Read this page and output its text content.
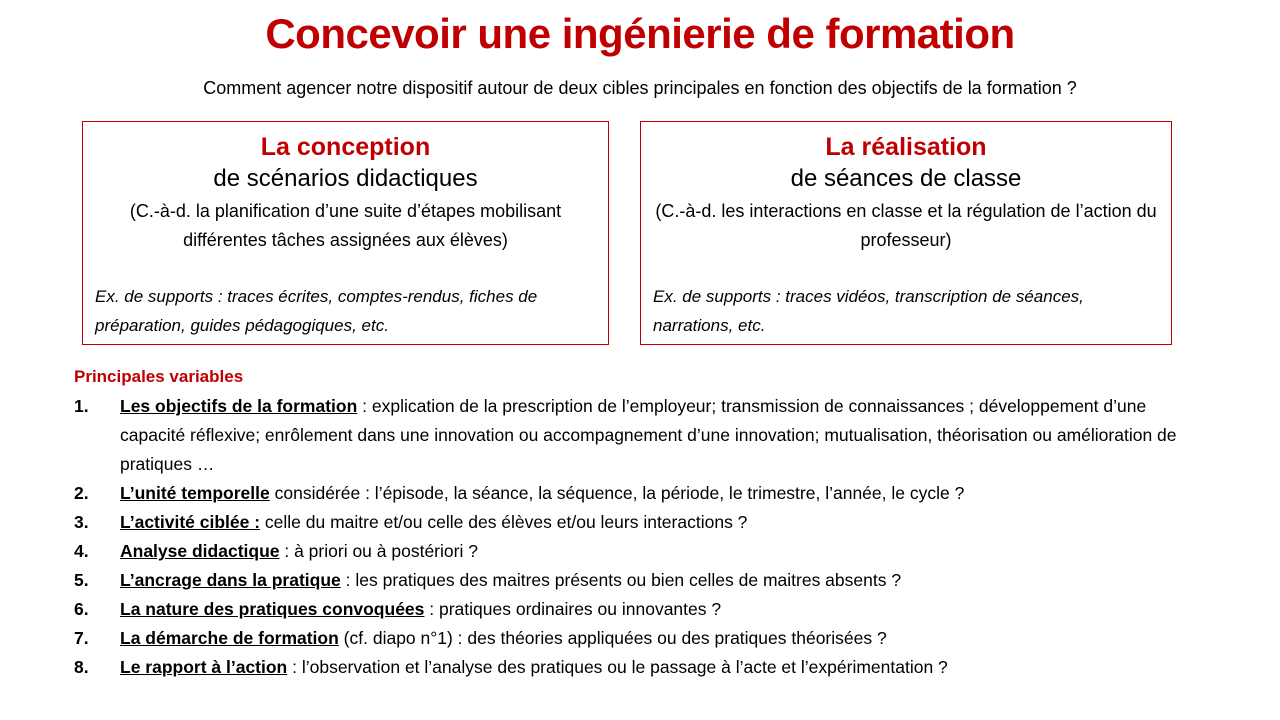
Concevoir une ingénierie de formation
Comment agencer notre dispositif autour de deux cibles principales en fonction des objectifs de la formation ?
La conception
de scénarios didactiques
(C.-à-d. la planification d’une suite d’étapes mobilisant différentes tâches assignées aux élèves)
Ex. de supports : traces écrites, comptes-rendus, fiches de préparation, guides pédagogiques, etc.
La réalisation
de séances de classe
(C.-à-d. les interactions en classe et la régulation de l’action du professeur)
Ex. de supports : traces vidéos, transcription de séances, narrations, etc.
Principales variables
1. Les objectifs de la formation : explication de la prescription de l’employeur; transmission de connaissances ; développement d’une capacité réflexive; enrôlement dans une innovation ou accompagnement d’une innovation; mutualisation, théorisation ou amélioration de pratiques …
2. L’unité temporelle considérée : l’épisode, la séance, la séquence, la période, le trimestre, l’année, le cycle ?
3. L’activité ciblée : celle du maitre et/ou celle des élèves et/ou leurs interactions ?
4. Analyse didactique : à priori ou à postériori ?
5. L’ancrage dans la pratique : les pratiques des maitres présents ou bien celles de maitres absents ?
6. La nature des pratiques convoquées : pratiques ordinaires ou innovantes ?
7. La démarche de formation (cf. diapo n°1) : des théories appliquées ou des pratiques théorisées ?
8. Le rapport à l’action : l’observation et l’analyse des pratiques ou le passage à l’acte et l’expérimentation ?
